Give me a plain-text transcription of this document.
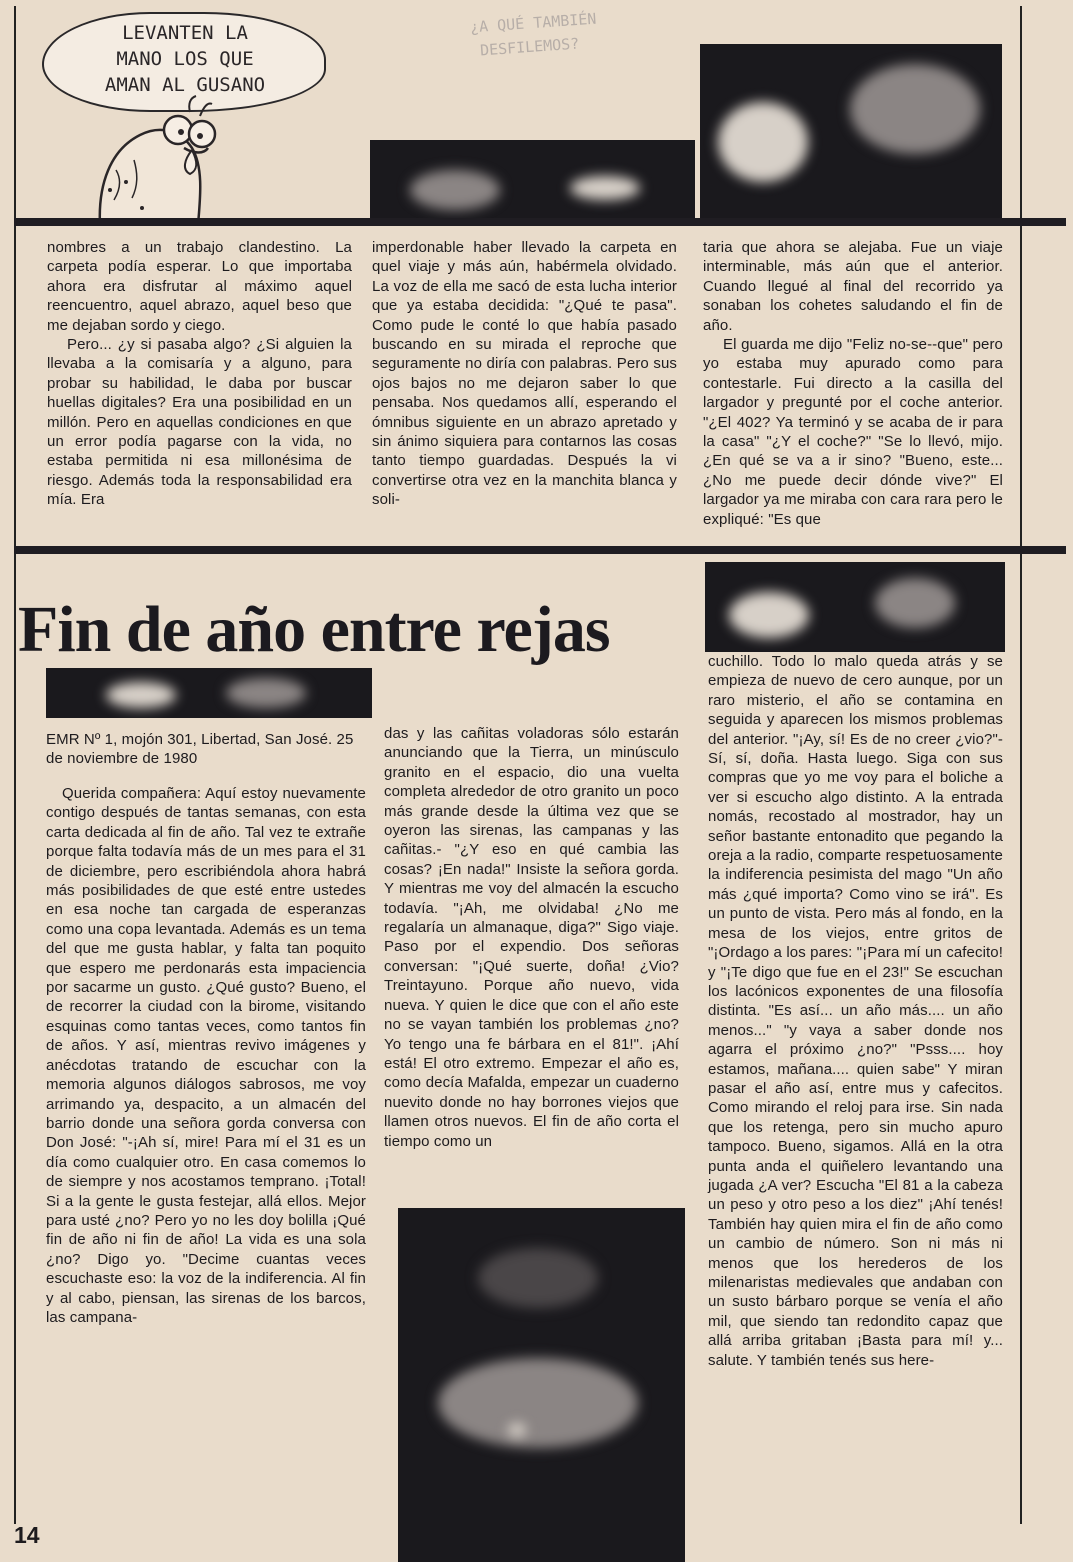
¿A QUÉ TAMBIÉN
DESFILEMOS?
LEVANTEN LA
MANO LOS QUE
AMAN AL GUSANO

nombres a un trabajo clandestino. La carpeta podía esperar. Lo que importaba ahora era disfrutar al máximo aquel reencuentro, aquel abrazo, aquel beso que me dejaban sordo y ciego.

Pero... ¿y si pasaba algo? ¿Si alguien la llevaba a la comisaría y a alguno, para probar su habilidad, le daba por buscar huellas digitales? Era una posibilidad en un millón. Pero en aquellas condiciones en que un error podía pagarse con la vida, no estaba permitida ni esa millonésima de riesgo. Además toda la responsabilidad era mía. Era

imperdonable haber llevado la carpeta en quel viaje y más aún, habérmela olvidado. La voz de ella me sacó de esta lucha interior que ya estaba decidida: "¿Qué te pasa". Como pude le conté lo que había pasado buscando en su mirada el reproche que seguramente no diría con palabras. Pero sus ojos bajos no me dejaron saber lo que pensaba. Nos quedamos allí, esperando el ómnibus siguiente en un abrazo apretado y sin ánimo siquiera para contarnos las cosas tanto tiempo guardadas. Después la vi convertirse otra vez en la manchita blanca y soli-

taria que ahora se alejaba. Fue un viaje interminable, más aún que el anterior. Cuando llegué al final del recorrido ya sonaban los cohetes saludando el fin de año.

El guarda me dijo "Feliz no-se--que" pero yo estaba muy apurado como para contestarle. Fui directo a la casilla del largador y pregunté por el coche anterior. "¿El 402? Ya terminó y se acaba de ir para la casa" "¿Y el coche?" "Se lo llevó, mijo. ¿En qué se va a ir sino? "Bueno, este... ¿No me puede decir dónde vive?" El largador ya me miraba con cara rara pero le expliqué: "Es que

Fin de año entre rejas
EMR Nº 1, mojón 301, Libertad, San José. 25 de noviembre de 1980

Querida compañera: Aquí estoy nuevamente contigo después de tantas semanas, con esta carta dedicada al fin de año. Tal vez te extrañe porque falta todavía más de un mes para el 31 de diciembre, pero escribiéndola ahora habrá más posibilidades de que esté entre ustedes en esa noche tan cargada de esperanzas como una copa levantada. Además es un tema del que me gusta hablar, y falta tan poquito que espero me perdonarás esta impaciencia por sacarme un gusto. ¿Qué gusto? Bueno, el de recorrer la ciudad con la birome, visitando esquinas como tantas veces, como tantos fin de años. Y así, mientras revivo imágenes y anécdotas tratando de escuchar con la memoria algunos diálogos sabrosos, me voy arrimando ya, despacito, a un almacén del barrio donde una señora gorda conversa con Don José: "-¡Ah sí, mire! Para mí el 31 es un día como cualquier otro. En casa comemos lo de siempre y nos acostamos temprano. ¡Total! Si a la gente le gusta festejar, allá ellos. Mejor para usté ¿no? Pero yo no les doy bolilla ¡Qué fin de año ni fin de año! La vida es una sola ¿no? Digo yo. "Decime cuantas veces escuchaste eso: la voz de la indiferencia. Al fin y al cabo, piensan, las sirenas de los barcos, las campana-

das y las cañitas voladoras sólo estarán anunciando que la Tierra, un minúsculo granito en el espacio, dio una vuelta completa alrededor de otro granito un poco más grande desde la última vez que se oyeron las sirenas, las campanas y las cañitas.- "¿Y eso en qué cambia las cosas? ¡En nada!" Insiste la señora gorda. Y mientras me voy del almacén la escucho todavía. "¡Ah, me olvidaba! ¿No me regalaría un almanaque, diga?" Sigo viaje. Paso por el expendio. Dos señoras conversan: "¡Qué suerte, doña! ¿Vio? Treintayuno. Porque año nuevo, vida nueva. Y quien le dice que con el año este no se vayan también los problemas ¿no? Yo tengo una fe bárbara en el 81!". ¡Ahí está! El otro extremo. Empezar el año es, como decía Mafalda, empezar un cuaderno nuevito donde no hay borrones viejos que llamen otros nuevos. El fin de año corta el tiempo como un

cuchillo. Todo lo malo queda atrás y se empieza de nuevo de cero aunque, por un raro misterio, el año se contamina en seguida y aparecen los mismos problemas del anterior. "¡Ay, sí! Es de no creer ¿vio?"- Sí, sí, doña. Hasta luego. Siga con sus compras que yo me voy para el boliche a ver si escucho algo distinto. A la entrada nomás, recostado al mostrador, hay un señor bastante entonadito que pegando la oreja a la radio, comparte respetuosamente la indiferencia pesimista del mago "Un año más ¿qué importa? Como vino se irá". Es un punto de vista. Pero más al fondo, en la mesa de los viejos, entre gritos de "¡Ordago a los pares: "¡Para mí un cafecito! y "¡Te digo que fue en el 23!" Se escuchan los lacónicos exponentes de una filosofía distinta. "Es así... un año más.... un año menos..." "y vaya a saber donde nos agarra el próximo ¿no?" "Psss.... hoy estamos, mañana.... quien sabe" Y miran pasar el año así, entre mus y cafecitos. Como mirando el reloj para irse. Sin nada que los retenga, pero sin mucho apuro tampoco. Bueno, sigamos. Allá en la otra punta anda el quiñelero levantando una jugada ¿A ver? Escucha "El 81 a la cabeza un peso y otro peso a los diez" ¡Ahí tenés! También hay quien mira el fin de año como un cambio de número. Son ni más ni menos que los herederos de los milenaristas medievales que andaban con un susto bárbaro porque se venía el año mil, que siendo tan redondito capaz que allá arriba gritaban ¡Basta para mí! y... salute. Y también tenés sus here-

14
